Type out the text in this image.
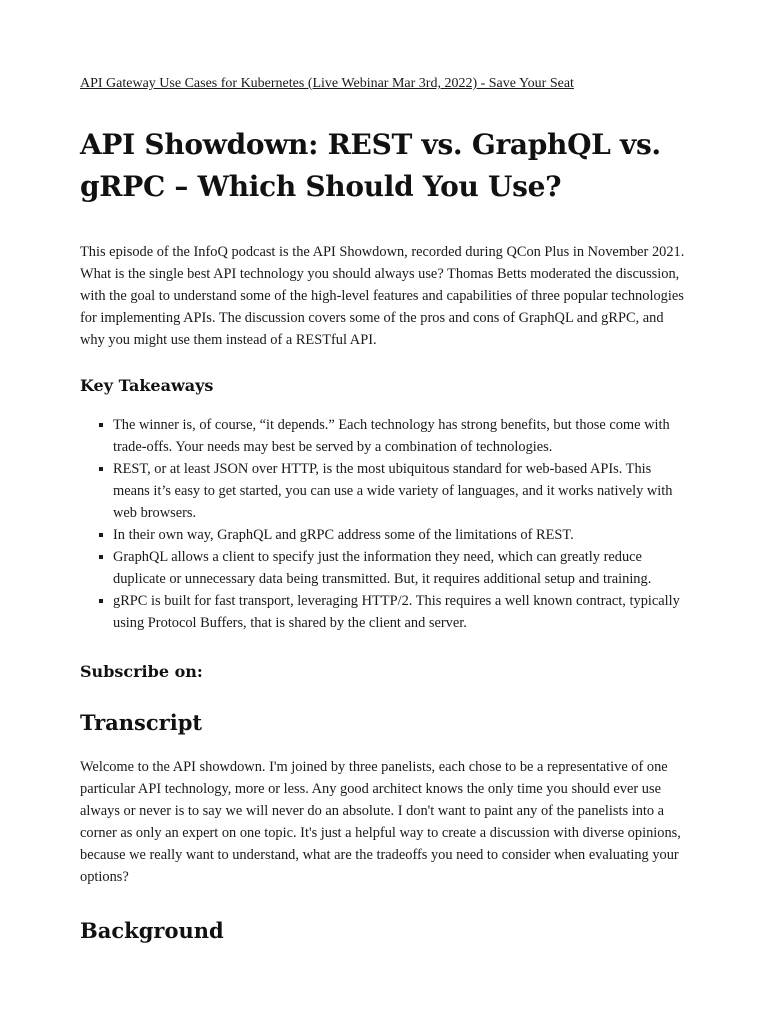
API Gateway Use Cases for Kubernetes (Live Webinar Mar 3rd, 2022) - Save Your Seat
API Showdown: REST vs. GraphQL vs. gRPC – Which Should You Use?

This episode of the InfoQ podcast is the API Showdown, recorded during QCon Plus in November 2021. What is the single best API technology you should always use? Thomas Betts moderated the discussion, with the goal to understand some of the high-level features and capabilities of three popular technologies for implementing APIs. The discussion covers some of the pros and cons of GraphQL and gRPC, and why you might use them instead of a RESTful API.

Key Takeaways
The winner is, of course, “it depends.” Each technology has strong benefits, but those come with trade-offs. Your needs may best be served by a combination of technologies.
REST, or at least JSON over HTTP, is the most ubiquitous standard for web-based APIs. This means it’s easy to get started, you can use a wide variety of languages, and it works natively with web browsers.
In their own way, GraphQL and gRPC address some of the limitations of REST.
GraphQL allows a client to specify just the information they need, which can greatly reduce duplicate or unnecessary data being transmitted. But, it requires additional setup and training.
gRPC is built for fast transport, leveraging HTTP/2. This requires a well known contract, typically using Protocol Buffers, that is shared by the client and server.
Subscribe on:
Transcript

Welcome to the API showdown. I'm joined by three panelists, each chose to be a representative of one particular API technology, more or less. Any good architect knows the only time you should ever use always or never is to say we will never do an absolute. I don't want to paint any of the panelists into a corner as only an expert on one topic. It's just a helpful way to create a discussion with diverse opinions, because we really want to understand, what are the tradeoffs you need to consider when evaluating your options?

Background
